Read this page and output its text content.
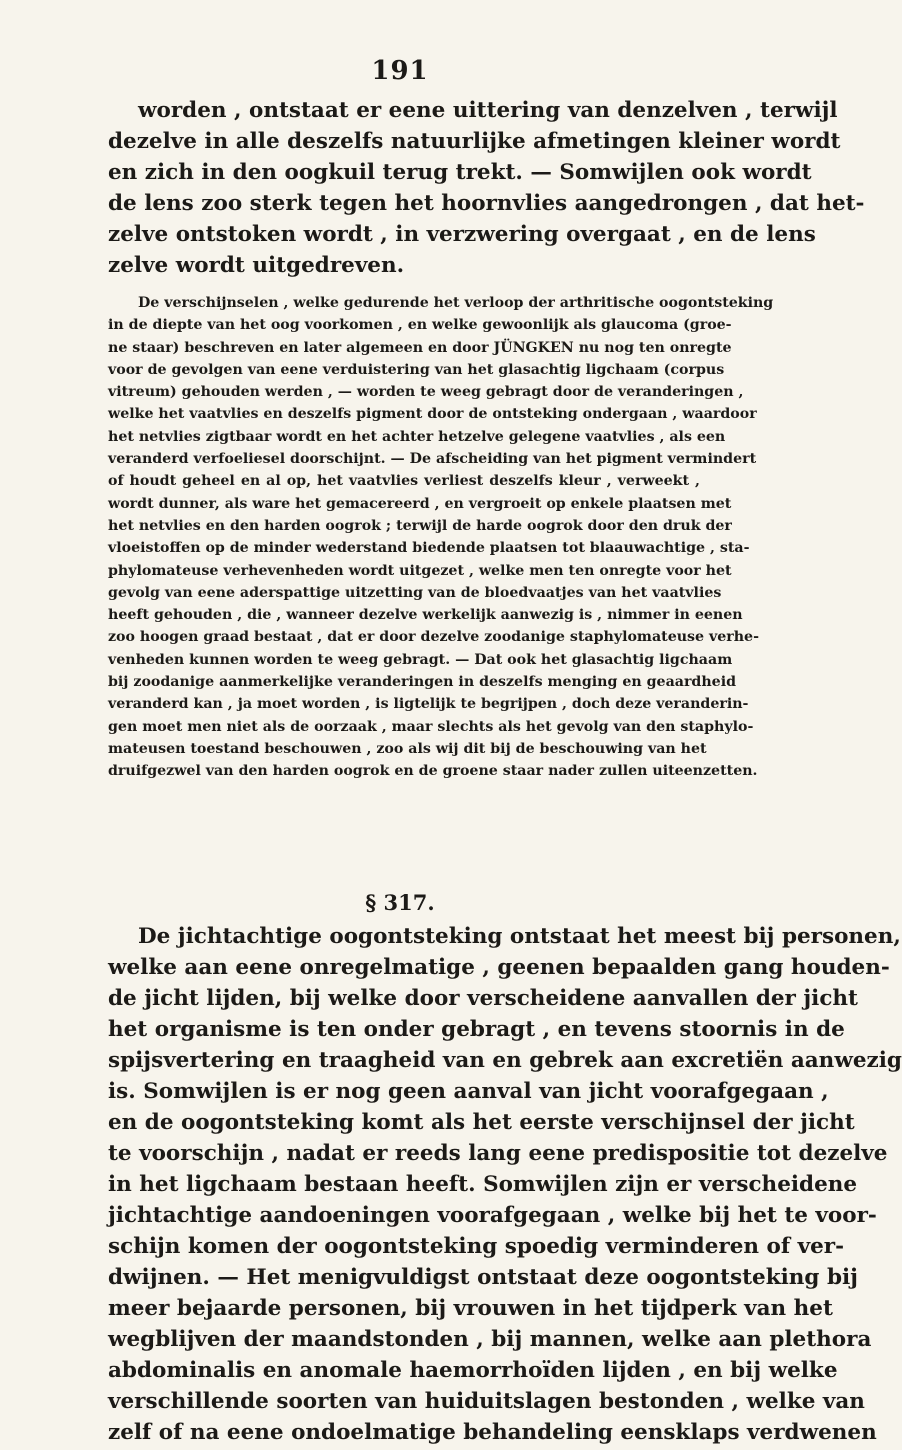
191
worden , ontstaat er eene uittering van denzelven , terwijl
dezelve in alle deszelfs natuurlijke afmetingen kleiner wordt
en zich in den oogkuil terug trekt. — Somwijlen ook wordt
de lens zoo sterk tegen het hoornvlies aangedrongen , dat het-
zelve ontstoken wordt , in verzwering overgaat , en de lens
zelve wordt uitgedreven.
De verschijnselen , welke gedurende het verloop der arthritische oogontsteking
in de diepte van het oog voorkomen , en welke gewoonlijk als glaucoma (groe-
ne staar) beschreven en later algemeen en door JÜNGKEN nu nog ten onregte
voor de gevolgen van eene verduistering van het glasachtig ligchaam (corpus
vitreum) gehouden werden , — worden te weeg gebragt door de veranderingen ,
welke het vaatvlies en deszelfs pigment door de ontsteking ondergaan , waardoor
het netvlies zigtbaar wordt en het achter hetzelve gelegene vaatvlies , als een
veranderd verfoeliesel doorschijnt. — De afscheiding van het pigment vermindert
of houdt geheel en al op, het vaatvlies verliest deszelfs kleur , verweekt ,
wordt dunner, als ware het gemacereerd , en vergroeit op enkele plaatsen met
het netvlies en den harden oogrok ; terwijl de harde oogrok door den druk der
vloeistoffen op de minder wederstand biedende plaatsen tot blaauwachtige , sta-
phylomateuse verhevenheden wordt uitgezet , welke men ten onregte voor het
gevolg van eene aderspattige uitzetting van de bloedvaatjes van het vaatvlies
heeft gehouden , die , wanneer dezelve werkelijk aanwezig is , nimmer in eenen
zoo hoogen graad bestaat , dat er door dezelve zoodanige staphylomateuse verhe-
venheden kunnen worden te weeg gebragt. — Dat ook het glasachtig ligchaam
bij zoodanige aanmerkelijke veranderingen in deszelfs menging en geaardheid
veranderd kan , ja moet worden , is ligtelijk te begrijpen , doch deze veranderin-
gen moet men niet als de oorzaak , maar slechts als het gevolg van den staphylo-
mateusen toestand beschouwen , zoo als wij dit bij de beschouwing van het
druifgezwel van den harden oogrok en de groene staar nader zullen uiteenzetten.
§ 317.
De jichtachtige oogontsteking ontstaat het meest bij personen,
welke aan eene onregelmatige , geenen bepaalden gang houden-
de jicht lijden, bij welke door verscheidene aanvallen der jicht
het organisme is ten onder gebragt , en tevens stoornis in de
spijsvertering en traagheid van en gebrek aan excretiën aanwezig
is. Somwijlen is er nog geen aanval van jicht voorafgegaan ,
en de oogontsteking komt als het eerste verschijnsel der jicht
te voorschijn , nadat er reeds lang eene predispositie tot dezelve
in het ligchaam bestaan heeft. Somwijlen zijn er verscheidene
jichtachtige aandoeningen voorafgegaan , welke bij het te voor-
schijn komen der oogontsteking spoedig verminderen of ver-
dwijnen. — Het menigvuldigst ontstaat deze oogontsteking bij
meer bejaarde personen, bij vrouwen in het tijdperk van het
wegblijven der maandstonden , bij mannen, welke aan plethora
abdominalis en anomale haemorrhoïden lijden , en bij welke
verschillende soorten van huiduitslagen bestonden , welke van
zelf of na eene ondoelmatige behandeling eensklaps verdwenen
